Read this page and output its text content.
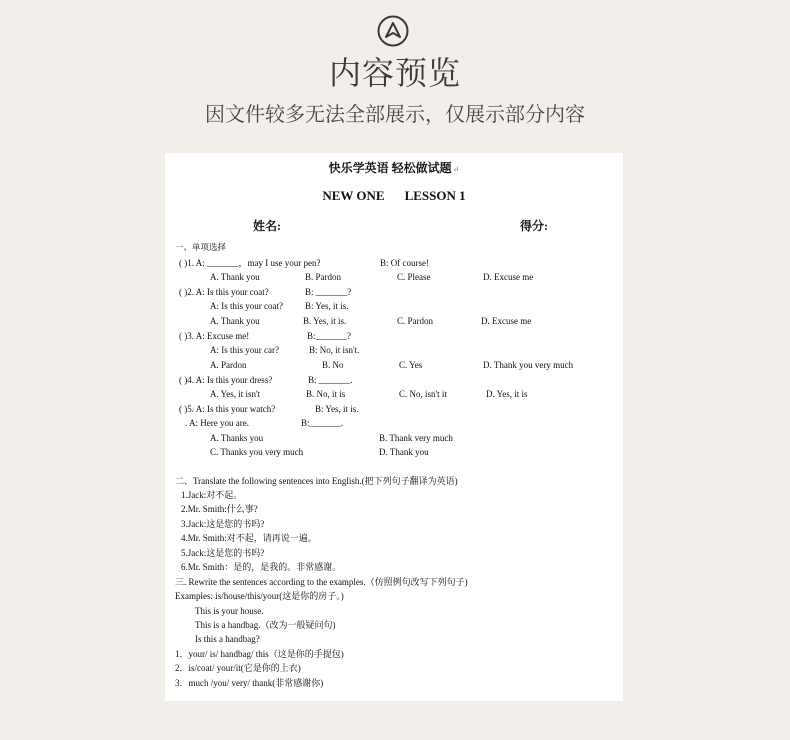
内容预览
因文件较多无法全部展示，仅展示部分内容
快乐学英语 轻松做试题↵
NEW ONE LESSON 1
姓名:	得分:
一、单项选择
( )1. A: _______，may I use your pen?	B: Of course!
A. Thank you	B. Pardon	C. Please	D. Excuse me
( )2. A: Is this your coat?	B: _______?
A: Is this your coat? B: Yes, it is.
A. Thank you	B. Yes, it is.	C. Pardon	D. Excuse me
( )3. A: Excuse me!	B:_______?
A: Is this your car?	B: No, it isn't.
A. Pardon	B. No	C. Yes	D. Thank you very much
( )4. A: Is this your dress?	B: _______.
A. Yes, it isn't	B. No, it is	C. No, isn't it	D. Yes, it is
( )5. A: Is this your watch?	B: Yes, it is.
. A: Here you are.	B:_______.
A. Thanks you	B. Thank very much
C. Thanks you very much	D. Thank you
二、Translate the following sentences into English.(把下列句子翻译为英语)
1.Jack:对不起。
2.Mr. Smith:什么事?
3.Jack:这是您的书吗?
4.Mr. Smith:对不起，请再说一遍。
5.Jack:这是您的书吗?
6.Mr. Smith：是的，是我的。非常感谢。
三. Rewrite the sentences according to the examples.（仿照例句改写下列句子)
Examples: is/house/this/your(这是你的房子。)
This is your house.
This is a handbag.（改为一般疑问句)
Is this a handbag?
1．your/ is/ handbag/ this（这是你的手提包)
2．is/coat/ your/it(它是你的上衣)
3．much /you/ very/ thank(非常感谢你)
